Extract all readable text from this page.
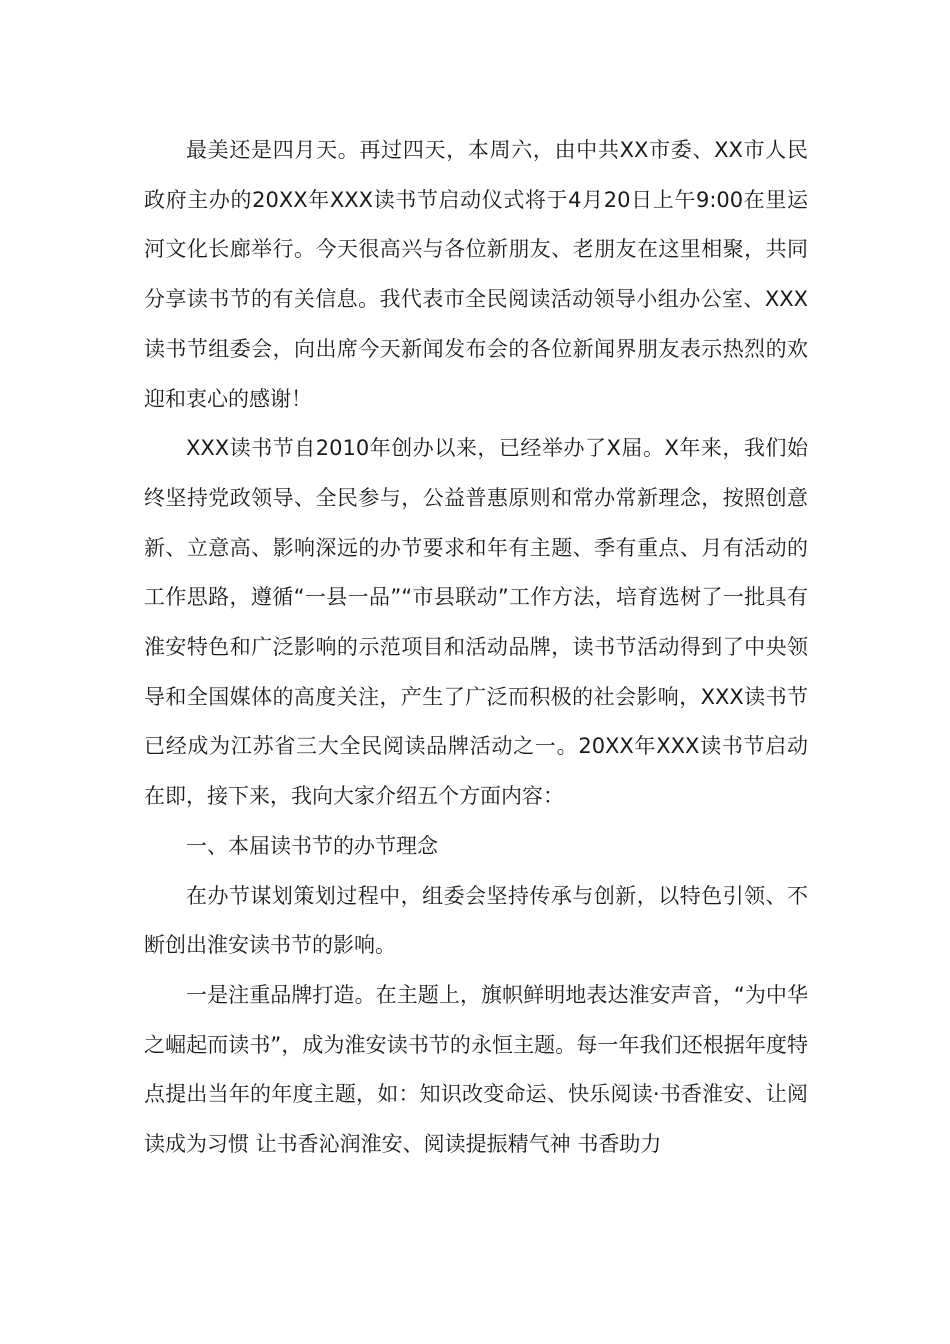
最美还是四月天。再过四天，本周六，由中共XX市委、XX市人民政府主办的20XX年XXX读书节启动仪式将于4月20日上午9:00在里运河文化长廊举行。今天很高兴与各位新朋友、老朋友在这里相聚，共同分享读书节的有关信息。我代表市全民阅读活动领导小组办公室、XXX读书节组委会，向出席今天新闻发布会的各位新闻界朋友表示热烈的欢迎和衷心的感谢！

XXX读书节自2010年创办以来，已经举办了X届。X年来，我们始终坚持党政领导、全民参与，公益普惠原则和常办常新理念，按照创意新、立意高、影响深远的办节要求和年有主题、季有重点、月有活动的工作思路，遵循“一县一品”“市县联动”工作方法，培育选树了一批具有淮安特色和广泛影响的示范项目和活动品牌，读书节活动得到了中央领导和全国媒体的高度关注，产生了广泛而积极的社会影响，XXX读书节已经成为江苏省三大全民阅读品牌活动之一。20XX年XXX读书节启动在即，接下来，我向大家介绍五个方面内容：

一、本届读书节的办节理念

在办节谋划策划过程中，组委会坚持传承与创新，以特色引领、不断创出淮安读书节的影响。

一是注重品牌打造。在主题上，旗帜鲜明地表达淮安声音，“为中华之崛起而读书”，成为淮安读书节的永恒主题。每一年我们还根据年度特点提出当年的年度主题，如：知识改变命运、快乐阅读·书香淮安、让阅读成为习惯 让书香沁润淮安、阅读提振精气神 书香助力
